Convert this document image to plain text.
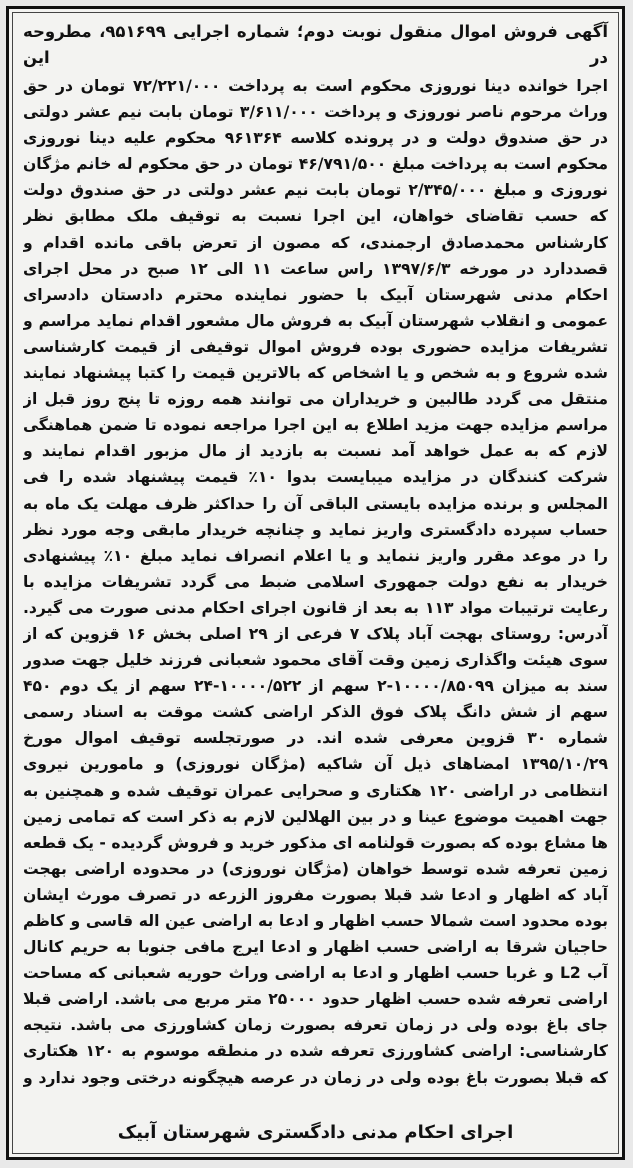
آگهی فروش اموال منقول نوبت دوم؛ شماره اجرایی ۹۵۱۶۹۹، مطروحه در این

اجرا خوانده دینا نوروزی محکوم است به پرداخت ۷۲/۲۲۱/۰۰۰ تومان در حق وراث مرحوم ناصر نوروزی و پرداخت ۳/۶۱۱/۰۰۰ تومان بابت نیم عشر دولتی در حق صندوق دولت و در پرونده کلاسه ۹۶۱۳۶۴ محکوم علیه دینا نوروزی محکوم است به پرداخت مبلغ ۴۶/۷۹۱/۵۰۰ تومان در حق محکوم له خانم مژگان نوروزی و مبلغ ۲/۳۴۵/۰۰۰ تومان بابت نیم عشر دولتی در حق صندوق دولت که حسب تقاضای خواهان، این اجرا نسبت به توقیف ملک مطابق نظر کارشناس محمدصادق ارجمندی، که مصون از تعرض باقی مانده اقدام و قصددارد در مورخه ۱۳۹۷/۶/۳ راس ساعت ۱۱ الی ۱۲ صبح در محل اجرای احکام مدنی شهرستان آبیک با حضور نماینده محترم دادستان دادسرای عمومی و انقلاب شهرستان آبیک به فروش مال مشعور اقدام نماید مراسم و تشریفات مزایده حضوری بوده فروش اموال توقیفی از قیمت کارشناسی شده شروع و به شخص و یا اشخاص که بالاترین قیمت را کتبا پیشنهاد نمایند منتقل می گردد طالبین و خریداران می توانند همه روزه تا پنج روز قبل از مراسم مزایده جهت مزید اطلاع به این اجرا مراجعه نموده تا ضمن هماهنگی لازم که به عمل خواهد آمد نسبت به بازدید از مال مزبور اقدام نمایند و شرکت کنندگان در مزایده میبایست بدوا ۱۰٪ قیمت پیشنهاد شده را فی المجلس و برنده مزایده بایستی الباقی آن را حداکثر ظرف مهلت یک ماه به حساب سپرده دادگستری واریز نماید و چنانچه خریدار مابقی وجه مورد نظر را در موعد مقرر واریز ننماید و یا اعلام انصراف نماید مبلغ ۱۰٪ پیشنهادی خریدار به نفع دولت جمهوری اسلامی ضبط می گردد تشریفات مزایده با رعایت ترتیبات مواد ۱۱۳ به بعد از قانون اجرای احکام مدنی صورت می گیرد. آدرس: روستای بهجت آباد پلاک ۷ فرعی از ۲۹ اصلی بخش ۱۶ قزوین که از سوی هیئت واگذاری زمین وقت آقای محمود شعبانی فرزند خلیل جهت صدور سند به میزان ۱۰۰۰۰/۸۵۰۹۹-۲ سهم از ۱۰۰۰۰/۵۲۲-۲۴ سهم از یک دوم ۴۵۰ سهم از شش دانگ پلاک فوق الذکر اراضی کشت موقت به اسناد رسمی شماره ۳۰ قزوین معرفی شده اند. در صورتجلسه توقیف اموال مورخ ۱۳۹۵/۱۰/۲۹ امضاهای ذیل آن شاکیه (مژگان نوروزی) و مامورین نیروی انتظامی در اراضی ۱۲۰ هکتاری و صحرایی عمران توقیف شده و همچنین به جهت اهمیت موضوع عینا و در بین الهلالین لازم به ذکر است که تمامی زمین ها مشاع بوده که بصورت قولنامه ای مذکور خرید و فروش گردیده - یک قطعه زمین تعرفه شده توسط خواهان (مژگان نوروزی) در محدوده اراضی بهجت آباد که اظهار و ادعا شد قبلا بصورت مفروز الزرعه در تصرف مورث ایشان بوده محدود است شمالا حسب اظهار و ادعا به اراضی عین اله قاسی و کاظم حاجیان شرقا به اراضی حسب اظهار و ادعا ایرج مافی جنوبا به حریم کانال آب L2 و غربا حسب اظهار و ادعا به اراضی وراث حوریه شعبانی که مساحت اراضی تعرفه شده حسب اظهار حدود ۲۵۰۰۰ متر مربع می باشد. اراضی قبلا جای باغ بوده ولی در زمان تعرفه بصورت زمان کشاورزی می باشد. نتیجه کارشناسی: اراضی کشاورزی تعرفه شده در منطقه موسوم به ۱۲۰ هکتاری که قبلا بصورت باغ بوده ولی در زمان در عرصه هیچگونه درختی وجود ندارد و

اجرای احکام مدنی دادگستری شهرستان آبیک
